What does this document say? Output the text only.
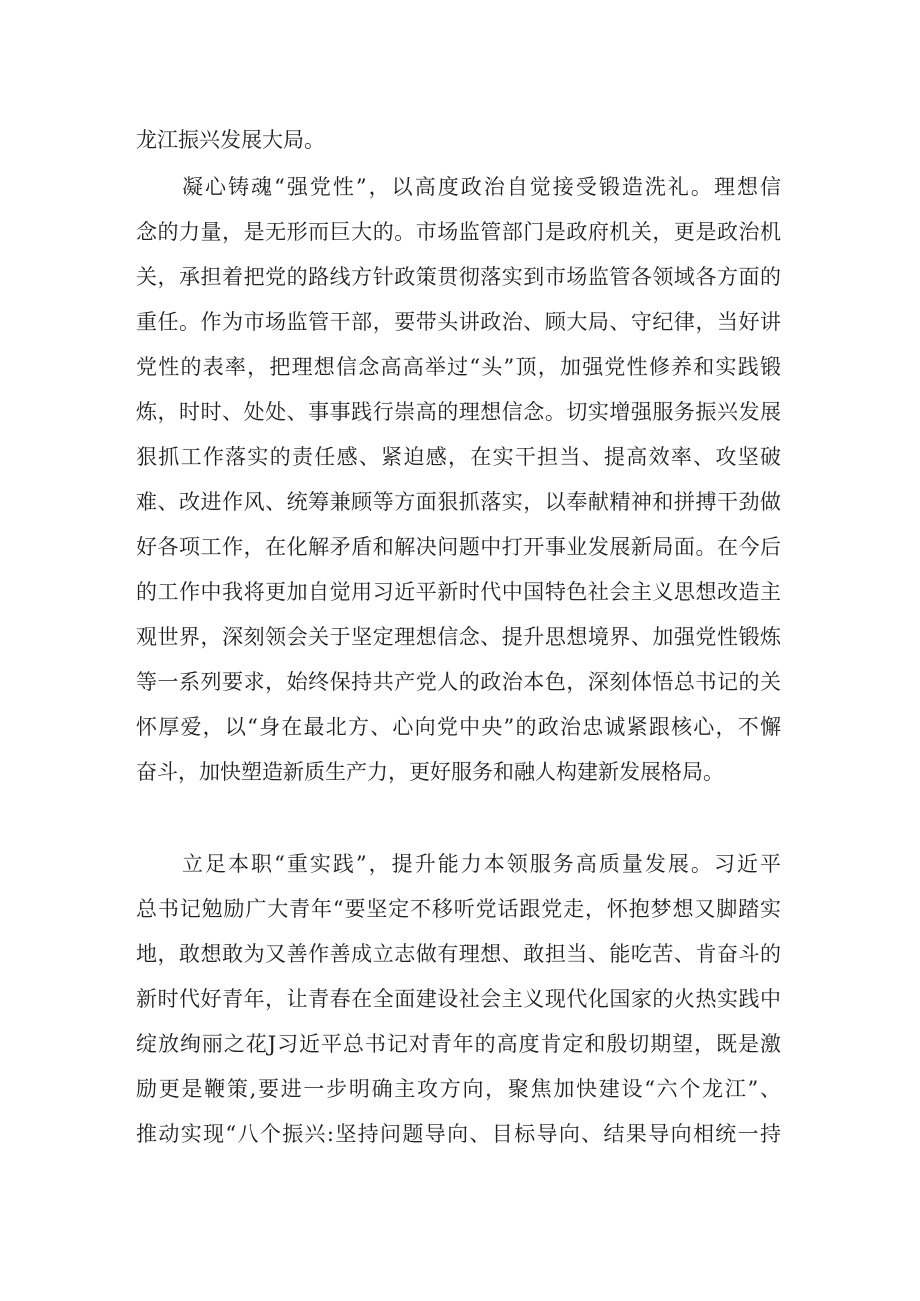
龙江振兴发展大局。

凝心铸魂“强党性”，以高度政治自觉接受锻造洗礼。理想信

念的力量，是无形而巨大的。市场监管部门是政府机关，更是政治机

关，承担着把党的路线方针政策贯彻落实到市场监管各领域各方面的

重任。作为市场监管干部，要带头讲政治、顾大局、守纪律，当好讲

党性的表率，把理想信念高高举过“头”顶，加强党性修养和实践锻

炼，时时、处处、事事践行崇高的理想信念。切实增强服务振兴发展

狠抓工作落实的责任感、紧迫感，在实干担当、提高效率、攻坚破

难、改进作风、统筹兼顾等方面狠抓落实，以奉献精神和拼搏干劲做

好各项工作，在化解矛盾和解决问题中打开事业发展新局面。在今后

的工作中我将更加自觉用习近平新时代中国特色社会主义思想改造主

观世界，深刻领会关于坚定理想信念、提升思想境界、加强党性锻炼

等一系列要求，始终保持共产党人的政治本色，深刻体悟总书记的关

怀厚爱，以“身在最北方、心向党中央”的政治忠诚紧跟核心，不懈

奋斗，加快塑造新质生产力，更好服务和融人构建新发展格局。

立足本职“重实践”，提升能力本领服务高质量发展。习近平

总书记勉励广大青年“要坚定不移听党话跟党走，怀抱梦想又脚踏实

地，敢想敢为又善作善成立志做有理想、敢担当、能吃苦、肯奋斗的

新时代好青年，让青春在全面建设社会主义现代化国家的火热实践中

绽放绚丽之花J习近平总书记对青年的高度肯定和殷切期望，既是激

励更是鞭策,要进一步明确主攻方向，聚焦加快建设“六个龙江”、

推动实现“八个振兴:坚持问题导向、目标导向、结果导向相统一持
